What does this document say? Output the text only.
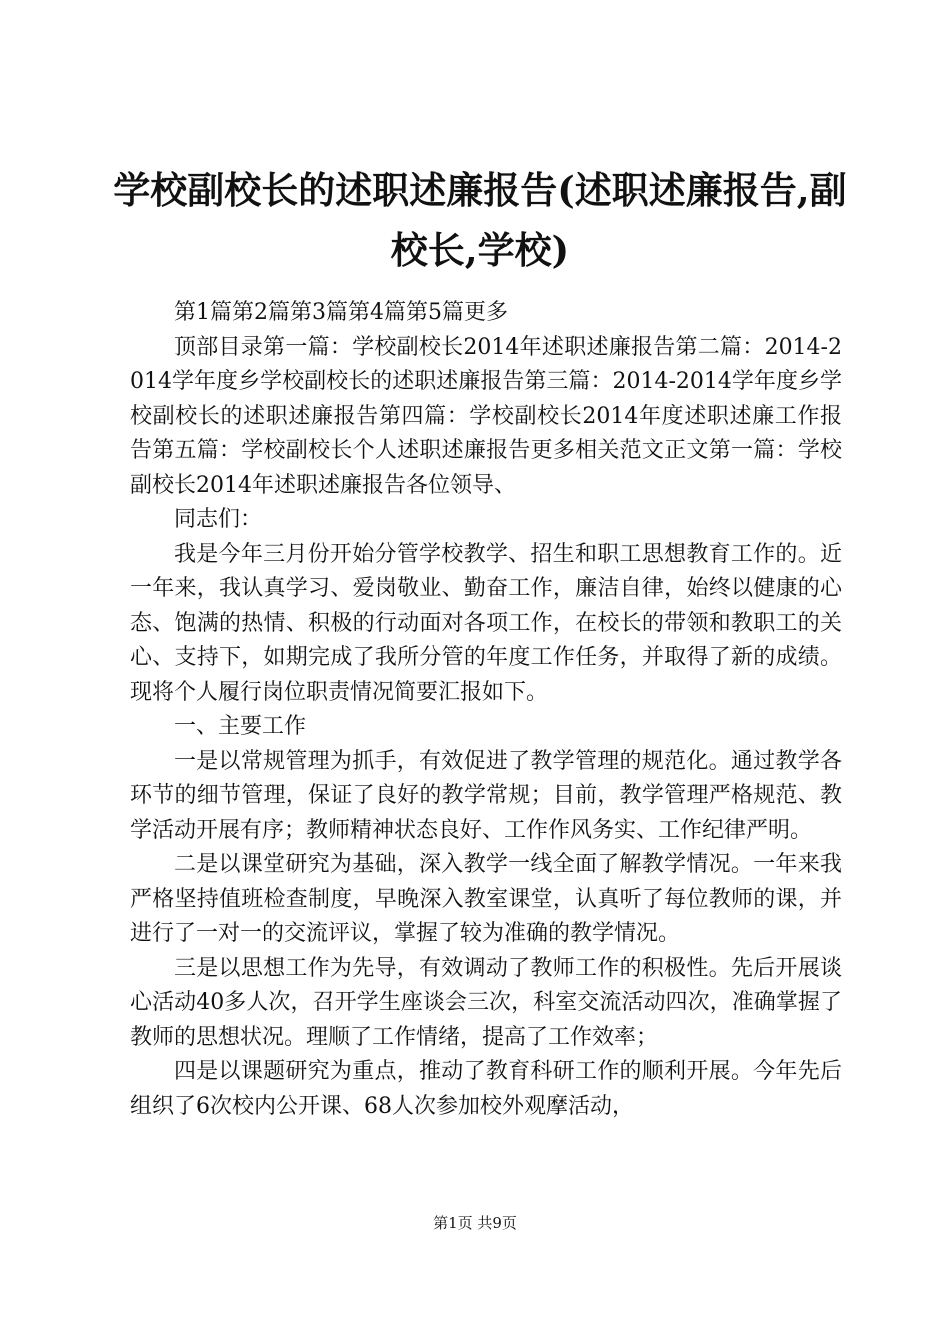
学校副校长的述职述廉报告(述职述廉报告,副校长,学校)

第1篇第2篇第3篇第4篇第5篇更多

顶部目录第一篇：学校副校长2014年述职述廉报告第二篇：2014-2014学年度乡学校副校长的述职述廉报告第三篇：2014-2014学年度乡学校副校长的述职述廉报告第四篇：学校副校长2014年度述职述廉工作报告第五篇：学校副校长个人述职述廉报告更多相关范文正文第一篇：学校副校长2014年述职述廉报告各位领导、

同志们：

我是今年三月份开始分管学校教学、招生和职工思想教育工作的。近一年来，我认真学习、爱岗敬业、勤奋工作，廉洁自律，始终以健康的心态、饱满的热情、积极的行动面对各项工作，在校长的带领和教职工的关心、支持下，如期完成了我所分管的年度工作任务，并取得了新的成绩。现将个人履行岗位职责情况简要汇报如下。

一、主要工作

一是以常规管理为抓手，有效促进了教学管理的规范化。通过教学各环节的细节管理，保证了良好的教学常规；目前，教学管理严格规范、教学活动开展有序；教师精神状态良好、工作作风务实、工作纪律严明。

二是以课堂研究为基础，深入教学一线全面了解教学情况。一年来我严格坚持值班检查制度，早晚深入教室课堂，认真听了每位教师的课，并进行了一对一的交流评议，掌握了较为准确的教学情况。

三是以思想工作为先导，有效调动了教师工作的积极性。先后开展谈心活动40多人次，召开学生座谈会三次，科室交流活动四次，准确掌握了教师的思想状况。理顺了工作情绪，提高了工作效率；

四是以课题研究为重点，推动了教育科研工作的顺利开展。今年先后组织了6次校内公开课、68人次参加校外观摩活动，

第1页 共9页
